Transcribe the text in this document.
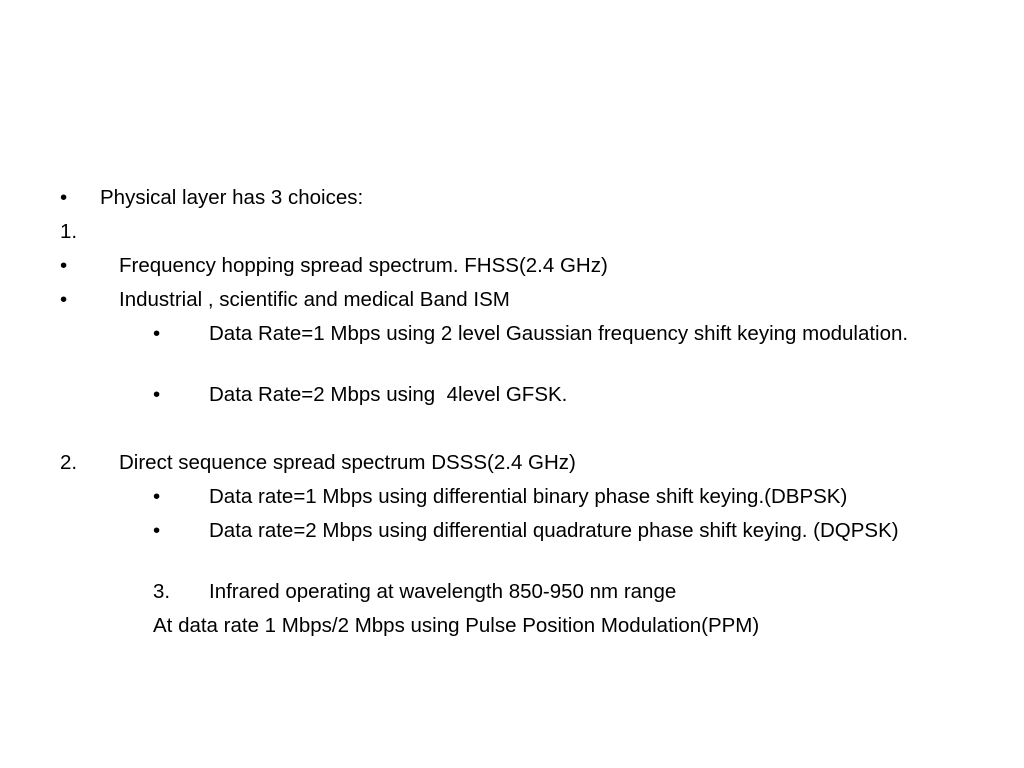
• Physical layer has 3 choices:
1.
•	Frequency hopping spread spectrum. FHSS(2.4 GHz)
•	Industrial , scientific and medical Band ISM
• Data Rate=1 Mbps using 2 level Gaussian frequency shift keying modulation.
• Data Rate=2 Mbps using  4level GFSK.
2. Direct sequence spread spectrum DSSS(2.4 GHz)
• Data rate=1 Mbps using differential binary phase shift keying.(DBPSK)
• Data rate=2 Mbps using differential quadrature phase shift keying. (DQPSK)
3. Infrared operating at wavelength 850-950 nm range
At data rate 1 Mbps/2 Mbps using Pulse Position Modulation(PPM)
